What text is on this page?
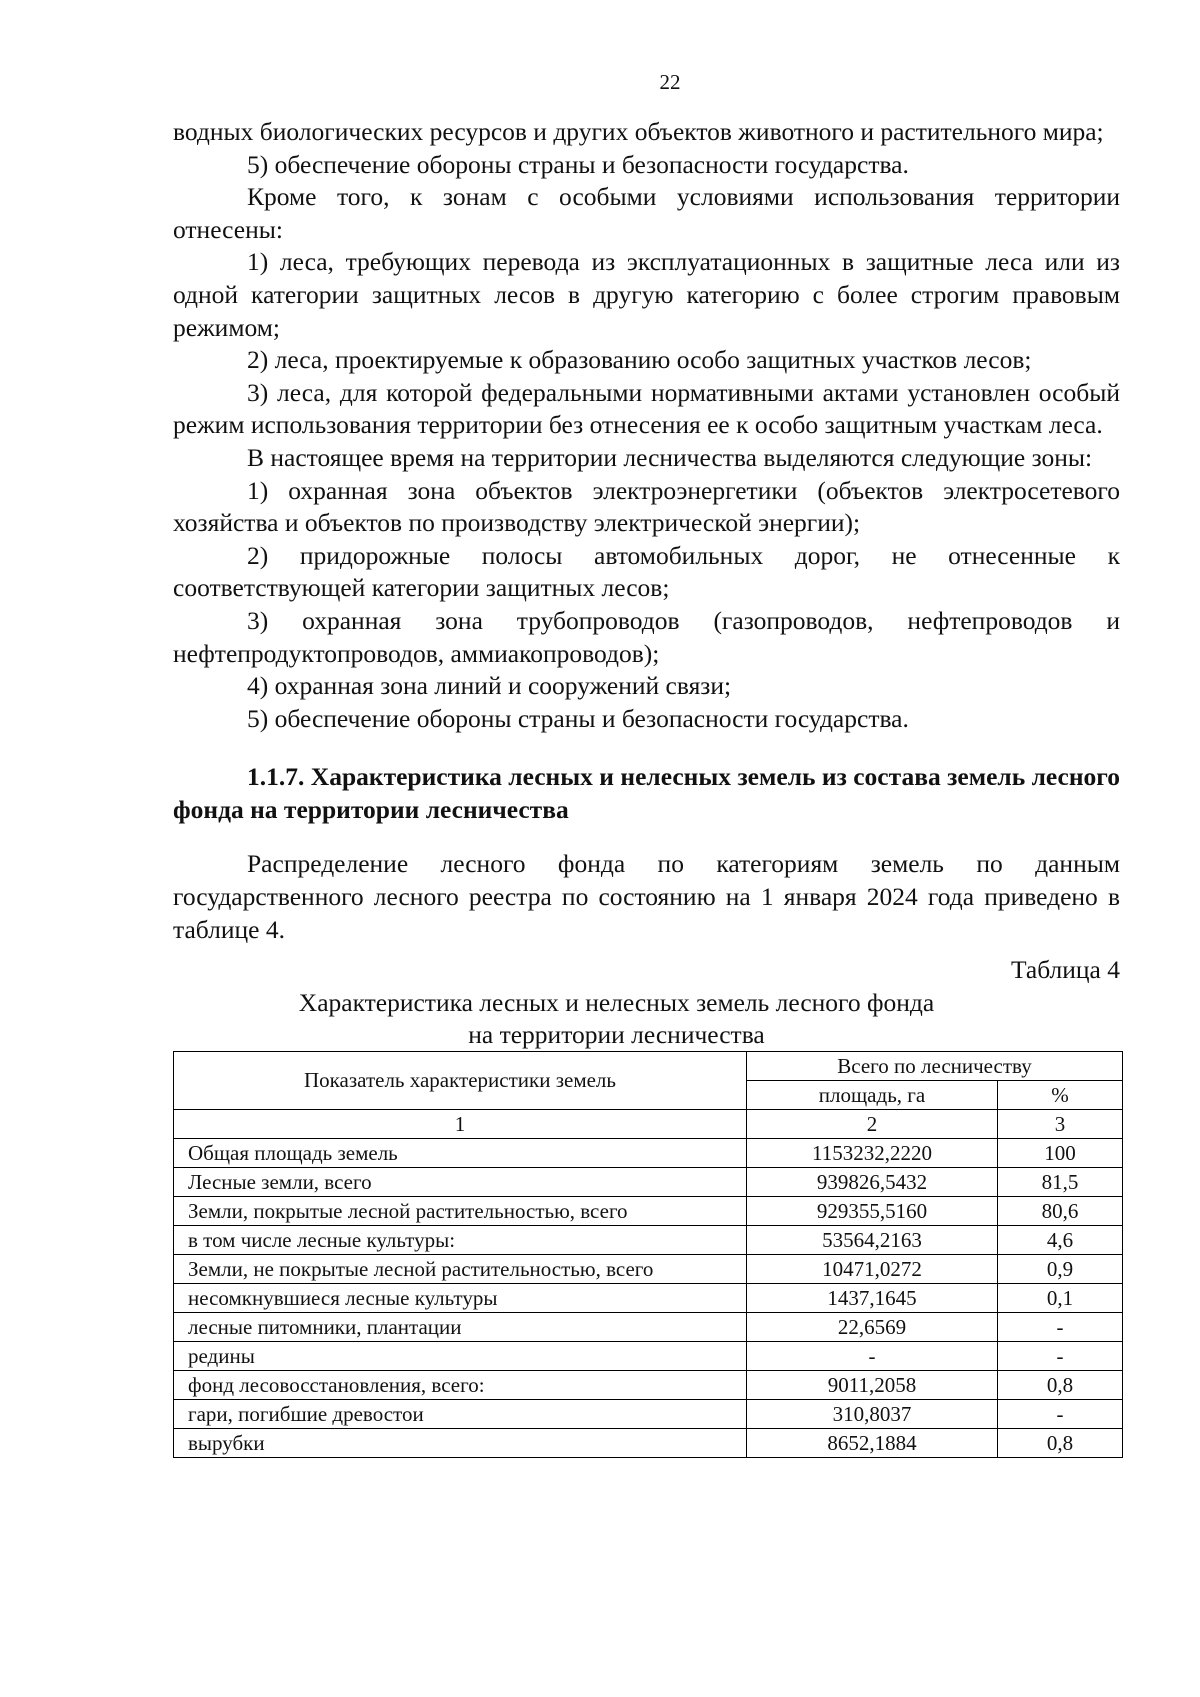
22

водных биологических ресурсов и других объектов животного и растительного мира;

5) обеспечение обороны страны и безопасности государства.

Кроме того, к зонам с особыми условиями использования территории отнесены:

1) леса, требующих перевода из эксплуатационных в защитные леса или из одной категории защитных лесов в другую категорию с более строгим правовым режимом;

2) леса, проектируемые к образованию особо защитных участков лесов;

3) леса, для которой федеральными нормативными актами установлен особый режим использования территории без отнесения ее к особо защитным участкам леса.

В настоящее время на территории лесничества выделяются следующие зоны:

1) охранная зона объектов электроэнергетики (объектов электросетевого хозяйства и объектов по производству электрической энергии);

2) придорожные полосы автомобильных дорог, не отнесенные к соответствующей категории защитных лесов;

3) охранная зона трубопроводов (газопроводов, нефтепроводов и нефтепродуктопроводов, аммиакопроводов);

4) охранная зона линий и сооружений связи;

5) обеспечение обороны страны и безопасности государства.

1.1.7. Характеристика лесных и нелесных земель из состава земель лесного фонда на территории лесничества

Распределение лесного фонда по категориям земель по данным государственного лесного реестра по состоянию на 1 января 2024 года приведено в таблице 4.

Таблица 4
Характеристика лесных и нелесных земель лесного фонда
на территории лесничества
Показатель характеристики земель	Всего по лесничеству	
	площадь, га	%
1	2	3
Общая площадь земель	1153232,2220	100
Лесные земли, всего	939826,5432	81,5
Земли, покрытые лесной растительностью, всего	929355,5160	80,6
в том числе лесные культуры:	53564,2163	4,6
Земли, не покрытые лесной растительностью, всего	10471,0272	0,9
несомкнувшиеся лесные культуры	1437,1645	0,1
лесные питомники, плантации	22,6569	-
редины	-	-
фонд лесовосстановления, всего:	9011,2058	0,8
гари, погибшие древостои	310,8037	-
вырубки	8652,1884	0,8
